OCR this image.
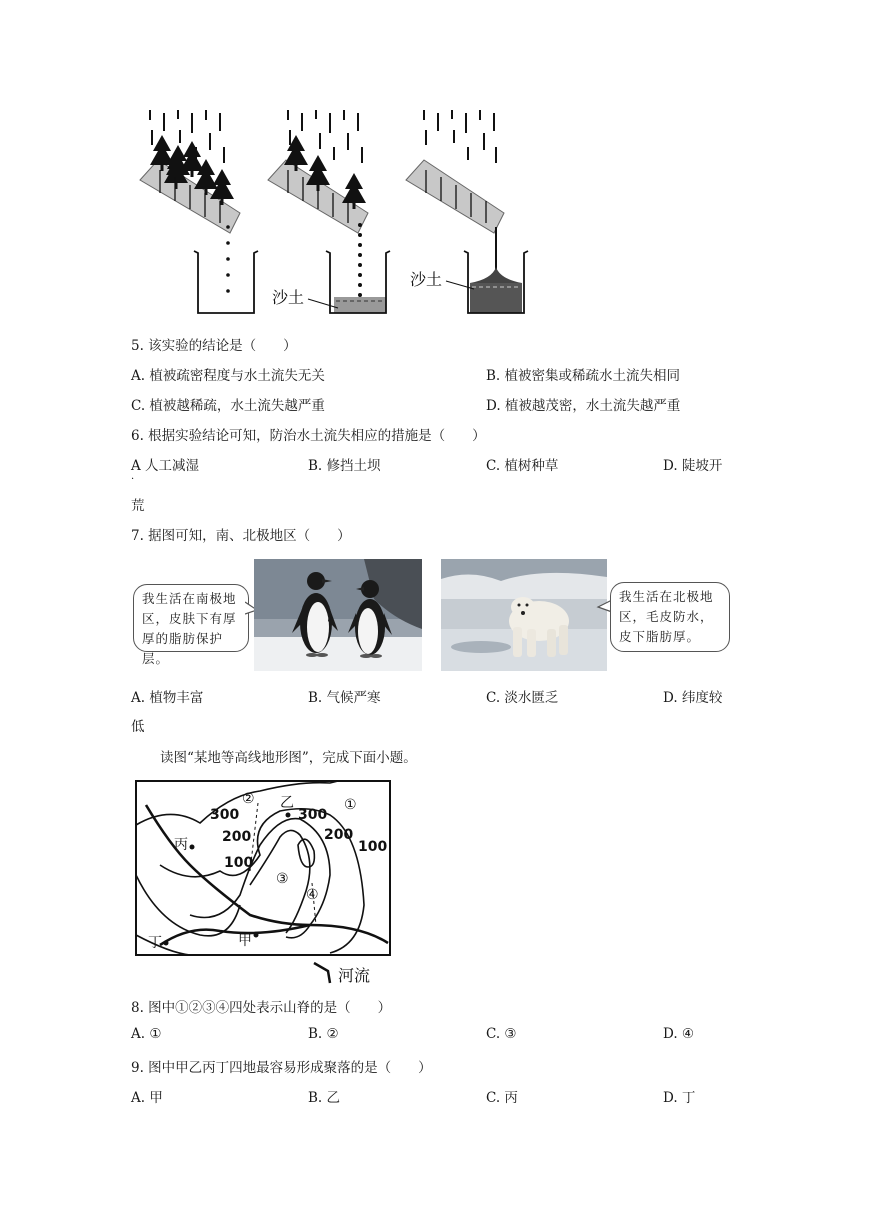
沙土
沙土
5. 该实验的结论是（　　）
A. 植被疏密程度与水土流失无关	B. 植被密集或稀疏水土流失相同
C. 植被越稀疏，水土流失越严重	D. 植被越茂密，水土流失越严重
6. 根据实验结论可知，防治水土流失相应的措施是（　　）
A 人工减湿
·
B. 修挡土坝	C. 植树种草	D. 陡坡开
荒
7. 据图可知，南、北极地区（　　）
我生活在南极地区，皮肤下有厚厚的脂肪保护层。
我生活在北极地区，毛皮防水，皮下脂肪厚。
A. 植物丰富	B. 气候严寒	C. 淡水匮乏	D. 纬度较
低
读图“某地等高线地形图”，完成下面小题。
300
200
100
300
200
100
丙
乙
甲
丁
①
②
③
④
河流
8. 图中①②③④四处表示山脊的是（　　）
A. ①	B. ②	C. ③	D. ④
9. 图中甲乙丙丁四地最容易形成聚落的是（　　）
A. 甲	B. 乙	C. 丙	D. 丁
